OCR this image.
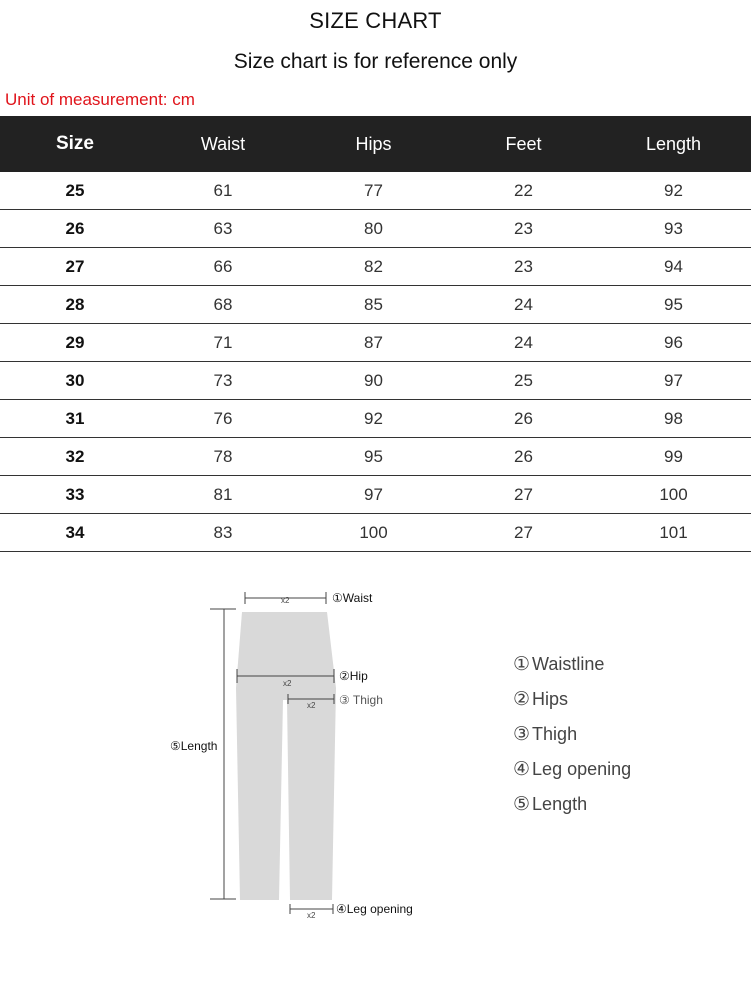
SIZE CHART
Size chart is for reference only
Unit of measurement: cm
Size	Waist	Hips	Feet	Length
25	61	77	22	92
26	63	80	23	93
27	66	82	23	94
28	68	85	24	95
29	71	87	24	96
30	73	90	25	97
31	76	92	26	98
32	78	95	26	99
33	81	97	27	100
34	83	100	27	101
x2	①Waist
x2
②Hip
x2 ③ Thigh
⑤Length
x2 ④Leg opening
① Waistline
② Hips
③ Thigh
④ Leg opening
⑤ Length
